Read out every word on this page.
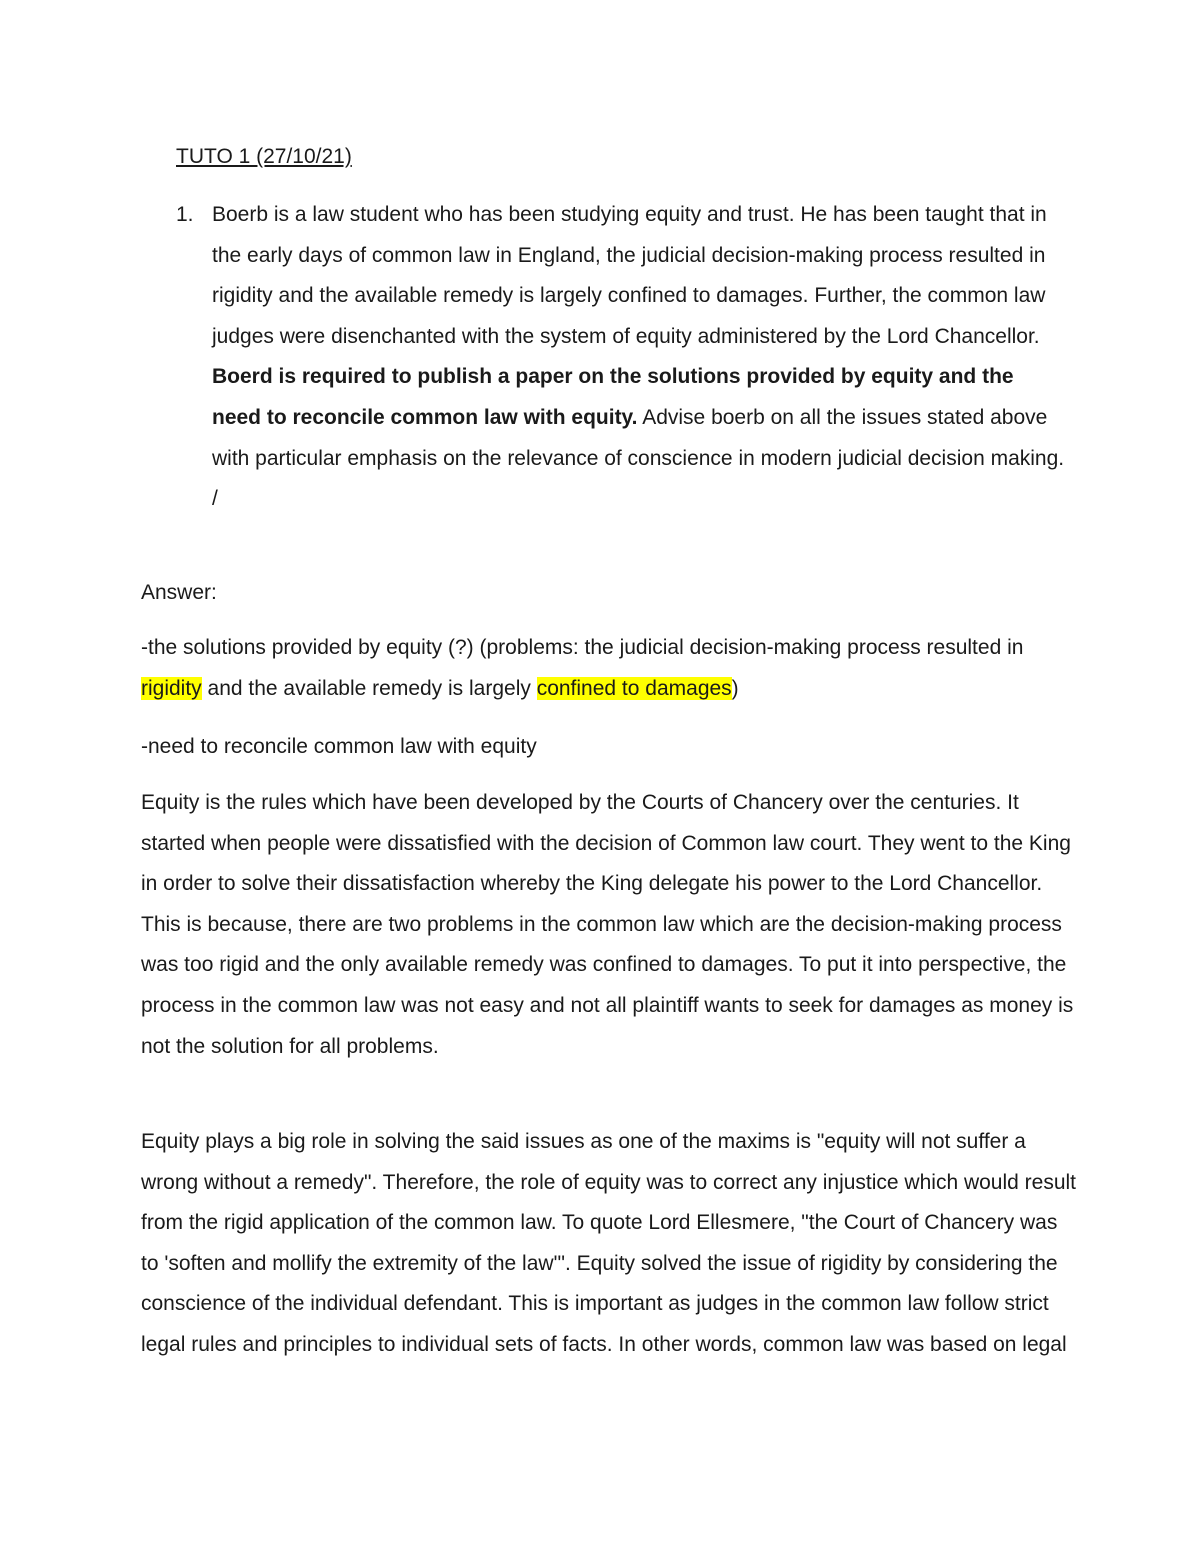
TUTO 1 (27/10/21)
1. Boerb is a law student who has been studying equity and trust. He has been taught that in the early days of common law in England, the judicial decision-making process resulted in rigidity and the available remedy is largely confined to damages. Further, the common law judges were disenchanted with the system of equity administered by the Lord Chancellor. Boerd is required to publish a paper on the solutions provided by equity and the need to reconcile common law with equity. Advise boerb on all the issues stated above with particular emphasis on the relevance of conscience in modern judicial decision making. /

Answer:

-the solutions provided by equity (?) (problems: the judicial decision-making process resulted in rigidity and the available remedy is largely confined to damages)

-need to reconcile common law with equity

Equity is the rules which have been developed by the Courts of Chancery over the centuries. It started when people were dissatisfied with the decision of Common law court. They went to the King in order to solve their dissatisfaction whereby the King delegate his power to the Lord Chancellor. This is because, there are two problems in the common law which are the decision-making process was too rigid and the only available remedy was confined to damages. To put it into perspective, the process in the common law was not easy and not all plaintiff wants to seek for damages as money is not the solution for all problems.

Equity plays a big role in solving the said issues as one of the maxims is "equity will not suffer a wrong without a remedy". Therefore, the role of equity was to correct any injustice which would result from the rigid application of the common law. To quote Lord Ellesmere, "the Court of Chancery was to 'soften and mollify the extremity of the law'". Equity solved the issue of rigidity by considering the conscience of the individual defendant. This is important as judges in the common law follow strict legal rules and principles to individual sets of facts. In other words, common law was based on legal
